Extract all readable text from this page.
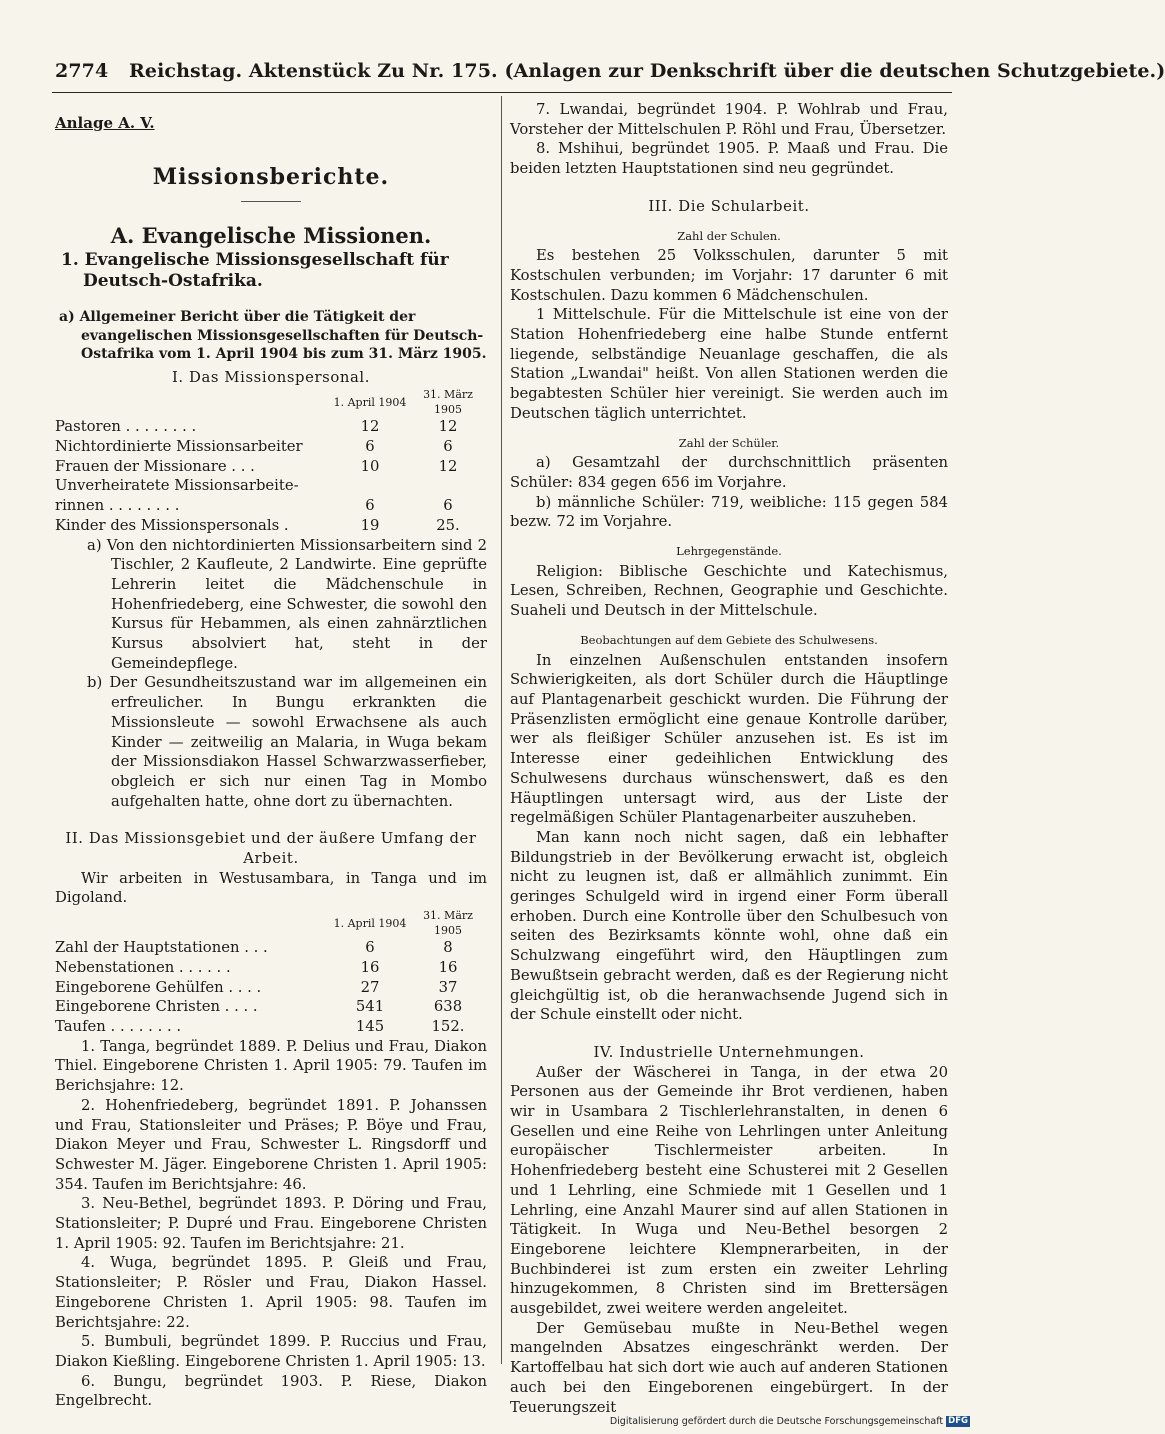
2774 Reichstag. Aktenstück Zu Nr. 175. (Anlagen zur Denkschrift über die deutschen Schutzgebiete.)

Anlage A. V.

Missionsberichte.

A. Evangelische Missionen.

1. Evangelische Missionsgesellschaft für Deutsch-Ostafrika.

a) Allgemeiner Bericht über die Tätigkeit der evangelischen Missionsgesellschaften für Deutsch-Ostafrika vom 1. April 1904 bis zum 31. März 1905.

I. Das Missionspersonal.

	1. April 1904	31. März 1905
Pastoren . . . . . . . .	12	12
Nichtordinierte Missionsarbeiter	6	6
Frauen der Missionare . . .	10	12
Unverheiratete Missionsarbeite-		
rinnen . . . . . . . .	6	6
Kinder des Missionspersonals .	19	25.

a) Von den nichtordinierten Missionsarbeitern sind 2 Tischler, 2 Kaufleute, 2 Landwirte. Eine geprüfte Lehrerin leitet die Mädchenschule in Hohenfriedeberg, eine Schwester, die sowohl den Kursus für Hebammen, als einen zahnärztlichen Kursus absolviert hat, steht in der Gemeindepflege.

b) Der Gesundheitszustand war im allgemeinen ein erfreulicher. In Bungu erkrankten die Missionsleute — sowohl Erwachsene als auch Kinder — zeitweilig an Malaria, in Wuga bekam der Missionsdiakon Hassel Schwarzwasserfieber, obgleich er sich nur einen Tag in Mombo aufgehalten hatte, ohne dort zu übernachten.

II. Das Missionsgebiet und der äußere Umfang der Arbeit.

Wir arbeiten in Westusambara, in Tanga und im Digoland.

	1. April 1904	31. März 1905
Zahl der Hauptstationen . . .	6	8
Nebenstationen . . . . . .	16	16
Eingeborene Gehülfen . . . .	27	37
Eingeborene Christen . . . .	541	638
Taufen . . . . . . . .	145	152.

1. Tanga, begründet 1889. P. Delius und Frau, Diakon Thiel. Eingeborene Christen 1. April 1905: 79. Taufen im Berichsjahre: 12.

2. Hohenfriedeberg, begründet 1891. P. Johanssen und Frau, Stationsleiter und Präses; P. Böye und Frau, Diakon Meyer und Frau, Schwester L. Ringsdorff und Schwester M. Jäger. Eingeborene Christen 1. April 1905: 354. Taufen im Berichtsjahre: 46.

3. Neu-Bethel, begründet 1893. P. Döring und Frau, Stationsleiter; P. Dupré und Frau. Eingeborene Christen 1. April 1905: 92. Taufen im Berichtsjahre: 21.

4. Wuga, begründet 1895. P. Gleiß und Frau, Stationsleiter; P. Rösler und Frau, Diakon Hassel. Eingeborene Christen 1. April 1905: 98. Taufen im Berichtsjahre: 22.

5. Bumbuli, begründet 1899. P. Ruccius und Frau, Diakon Kießling. Eingeborene Christen 1. April 1905: 13.

6. Bungu, begründet 1903. P. Riese, Diakon Engelbrecht.

7. Lwandai, begründet 1904. P. Wohlrab und Frau, Vorsteher der Mittelschulen P. Röhl und Frau, Übersetzer.

8. Mshihui, begründet 1905. P. Maaß und Frau. Die beiden letzten Hauptstationen sind neu gegründet.

III. Die Schularbeit.

Zahl der Schulen.

Es bestehen 25 Volksschulen, darunter 5 mit Kostschulen verbunden; im Vorjahr: 17 darunter 6 mit Kostschulen. Dazu kommen 6 Mädchenschulen.

1 Mittelschule. Für die Mittelschule ist eine von der Station Hohenfriedeberg eine halbe Stunde entfernt liegende, selbständige Neuanlage geschaffen, die als Station „Lwandai" heißt. Von allen Stationen werden die begabtesten Schüler hier vereinigt. Sie werden auch im Deutschen täglich unterrichtet.

Zahl der Schüler.

a) Gesamtzahl der durchschnittlich präsenten Schüler: 834 gegen 656 im Vorjahre.

b) männliche Schüler: 719, weibliche: 115 gegen 584 bezw. 72 im Vorjahre.

Lehrgegenstände.

Religion: Biblische Geschichte und Katechismus, Lesen, Schreiben, Rechnen, Geographie und Geschichte. Suaheli und Deutsch in der Mittelschule.

Beobachtungen auf dem Gebiete des Schulwesens.

In einzelnen Außenschulen entstanden insofern Schwierigkeiten, als dort Schüler durch die Häuptlinge auf Plantagenarbeit geschickt wurden. Die Führung der Präsenzlisten ermöglicht eine genaue Kontrolle darüber, wer als fleißiger Schüler anzusehen ist. Es ist im Interesse einer gedeihlichen Entwicklung des Schulwesens durchaus wünschenswert, daß es den Häuptlingen untersagt wird, aus der Liste der regelmäßigen Schüler Plantagenarbeiter auszuheben.

Man kann noch nicht sagen, daß ein lebhafter Bildungstrieb in der Bevölkerung erwacht ist, obgleich nicht zu leugnen ist, daß er allmählich zunimmt. Ein geringes Schulgeld wird in irgend einer Form überall erhoben. Durch eine Kontrolle über den Schulbesuch von seiten des Bezirksamts könnte wohl, ohne daß ein Schulzwang eingeführt wird, den Häuptlingen zum Bewußtsein gebracht werden, daß es der Regierung nicht gleichgültig ist, ob die heranwachsende Jugend sich in der Schule einstellt oder nicht.

IV. Industrielle Unternehmungen.

Außer der Wäscherei in Tanga, in der etwa 20 Personen aus der Gemeinde ihr Brot verdienen, haben wir in Usambara 2 Tischlerlehranstalten, in denen 6 Gesellen und eine Reihe von Lehrlingen unter Anleitung europäischer Tischlermeister arbeiten. In Hohenfriedeberg besteht eine Schusterei mit 2 Gesellen und 1 Lehrling, eine Schmiede mit 1 Gesellen und 1 Lehrling, eine Anzahl Maurer sind auf allen Stationen in Tätigkeit. In Wuga und Neu-Bethel besorgen 2 Eingeborene leichtere Klempnerarbeiten, in der Buchbinderei ist zum ersten ein zweiter Lehrling hinzugekommen, 8 Christen sind im Brettersägen ausgebildet, zwei weitere werden angeleitet.

Der Gemüsebau mußte in Neu-Bethel wegen mangelnden Absatzes eingeschränkt werden. Der Kartoffelbau hat sich dort wie auch auf anderen Stationen auch bei den Eingeborenen eingebürgert. In der Teuerungszeit

Digitalisierung gefördert durch die Deutsche Forschungsgemeinschaft DFG
